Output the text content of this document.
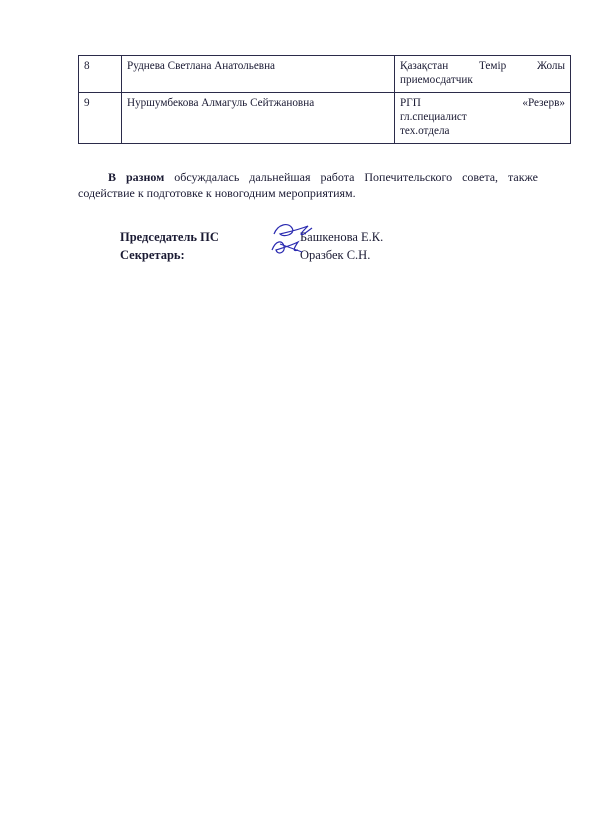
8	Руднева Светлана Анатольевна	Қазақстан Темір Жолы
приемосдатчик

9	Нуршумбекова Алмагуль Сейтжановна	РГП «Резерв»
гл.специалист
тех.отдела

В разном обсуждалась дальнейшая работа Попечительского совета, также содействие к подготовке к новогодним мероприятиям.

Председатель ПС	Башкенова Е.К.
Секретарь:	Оразбек С.Н.
